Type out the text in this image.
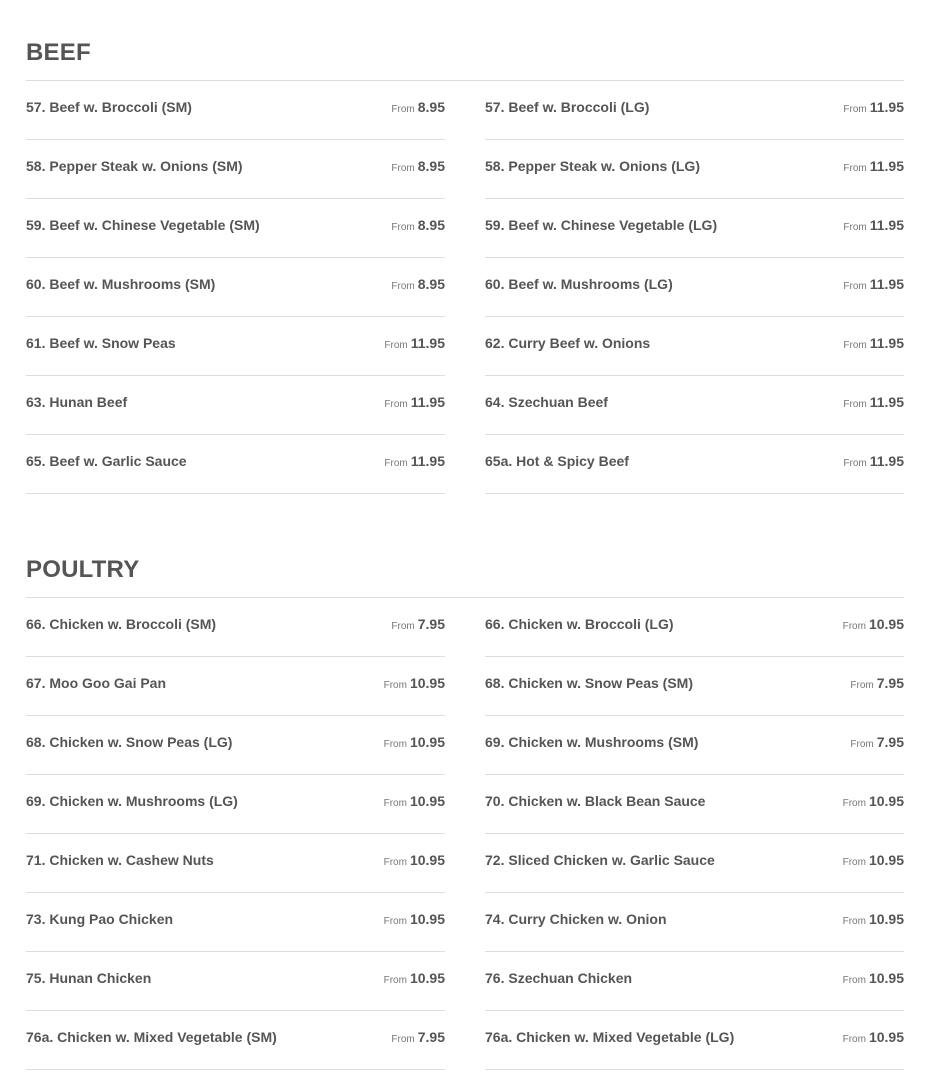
BEEF
57. Beef w. Broccoli (SM)	From 8.95	57. Beef w. Broccoli (LG)	From 11.95
58. Pepper Steak w. Onions (SM)	From 8.95	58. Pepper Steak w. Onions (LG)	From 11.95
59. Beef w. Chinese Vegetable (SM)	From 8.95	59. Beef w. Chinese Vegetable (LG)	From 11.95
60. Beef w. Mushrooms (SM)	From 8.95	60. Beef w. Mushrooms (LG)	From 11.95
61. Beef w. Snow Peas	From 11.95	62. Curry Beef w. Onions	From 11.95
63. Hunan Beef	From 11.95	64. Szechuan Beef	From 11.95
65. Beef w. Garlic Sauce	From 11.95	65a. Hot & Spicy Beef	From 11.95
POULTRY
66. Chicken w. Broccoli (SM)	From 7.95	66. Chicken w. Broccoli (LG)	From 10.95
67. Moo Goo Gai Pan	From 10.95	68. Chicken w. Snow Peas (SM)	From 7.95
68. Chicken w. Snow Peas (LG)	From 10.95	69. Chicken w. Mushrooms (SM)	From 7.95
69. Chicken w. Mushrooms (LG)	From 10.95	70. Chicken w. Black Bean Sauce	From 10.95
71. Chicken w. Cashew Nuts	From 10.95	72. Sliced Chicken w. Garlic Sauce	From 10.95
73. Kung Pao Chicken	From 10.95	74. Curry Chicken w. Onion	From 10.95
75. Hunan Chicken	From 10.95	76. Szechuan Chicken	From 10.95
76a. Chicken w. Mixed Vegetable (SM)	From 7.95	76a. Chicken w. Mixed Vegetable (LG)	From 10.95
